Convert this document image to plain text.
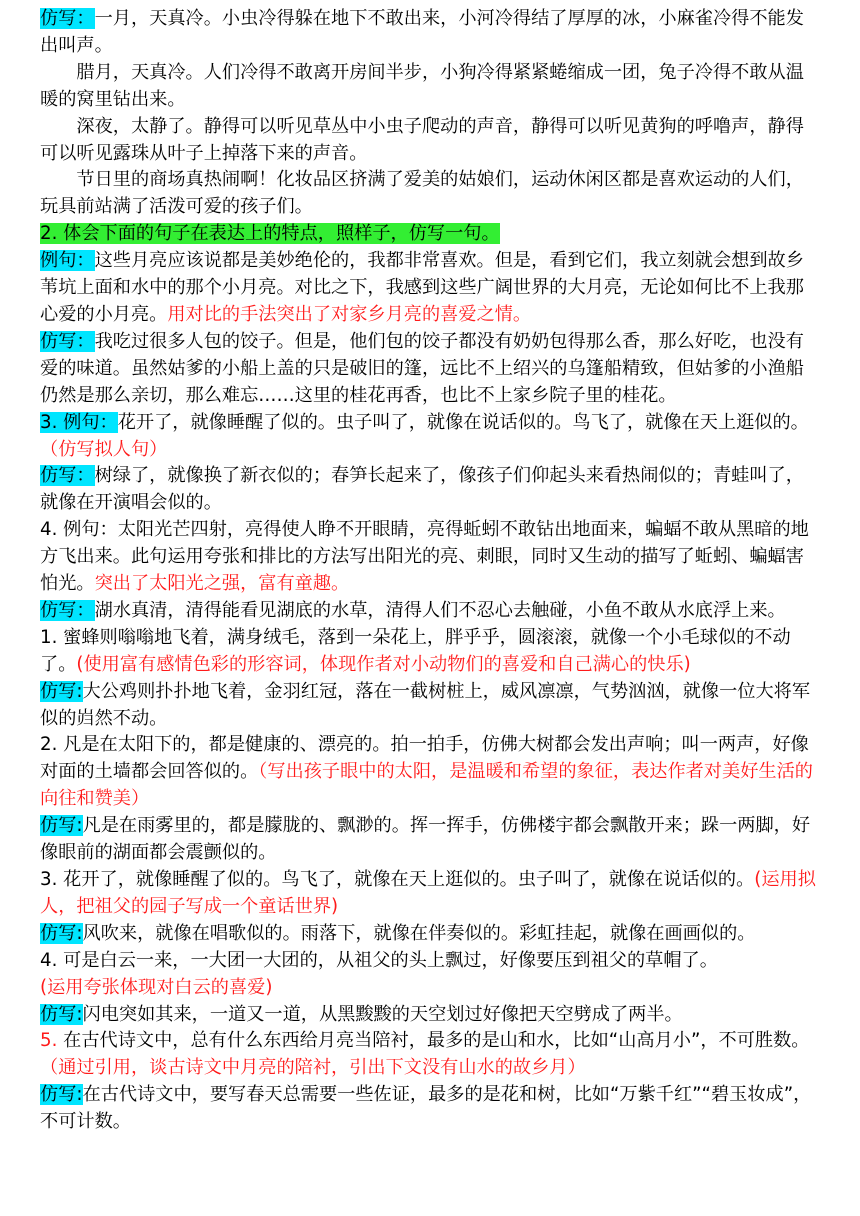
仿写：一月，天真冷。小虫冷得躲在地下不敢出来，小河冷得结了厚厚的冰，小麻雀冷得不能发出叫声。

腊月，天真冷。人们冷得不敢离开房间半步，小狗冷得紧紧蜷缩成一团，兔子冷得不敢从温暖的窝里钻出来。

深夜，太静了。静得可以听见草丛中小虫子爬动的声音，静得可以听见黄狗的呼噜声，静得可以听见露珠从叶子上掉落下来的声音。

节日里的商场真热闹啊！化妆品区挤满了爱美的姑娘们，运动休闲区都是喜欢运动的人们，玩具前站满了活泼可爱的孩子们。

2. 体会下面的句子在表达上的特点，照样子，仿写一句。

例句：这些月亮应该说都是美妙绝伦的，我都非常喜欢。但是，看到它们，我立刻就会想到故乡苇坑上面和水中的那个小月亮。对比之下，我感到这些广阔世界的大月亮，无论如何比不上我那心爱的小月亮。用对比的手法突出了对家乡月亮的喜爱之情。

仿写：我吃过很多人包的饺子。但是，他们包的饺子都没有奶奶包得那么香，那么好吃，也没有爱的味道。虽然姑爹的小船上盖的只是破旧的篷，远比不上绍兴的乌篷船精致，但姑爹的小渔船仍然是那么亲切，那么难忘……这里的桂花再香，也比不上家乡院子里的桂花。

3. 例句：花开了，就像睡醒了似的。虫子叫了，就像在说话似的。鸟飞了，就像在天上逛似的。（仿写拟人句）

仿写：树绿了，就像换了新衣似的；春笋长起来了，像孩子们仰起头来看热闹似的；青蛙叫了，就像在开演唱会似的。

4. 例句：太阳光芒四射，亮得使人睁不开眼睛，亮得蚯蚓不敢钻出地面来，蝙蝠不敢从黑暗的地方飞出来。此句运用夸张和排比的方法写出阳光的亮、刺眼，同时又生动的描写了蚯蚓、蝙蝠害怕光。突出了太阳光之强，富有童趣。

仿写：湖水真清，清得能看见湖底的水草，清得人们不忍心去触碰，小鱼不敢从水底浮上来。

1. 蜜蜂则嗡嗡地飞着，满身绒毛，落到一朵花上，胖乎乎，圆滚滚，就像一个小毛球似的不动了。(使用富有感情色彩的形容词，体现作者对小动物们的喜爱和自己满心的快乐)

仿写:大公鸡则扑扑地飞着，金羽红冠，落在一截树桩上，威风凛凛，气势汹汹，就像一位大将军似的岿然不动。

2. 凡是在太阳下的，都是健康的、漂亮的。拍一拍手，仿佛大树都会发出声响；叫一两声，好像对面的土墙都会回答似的。（写出孩子眼中的太阳，是温暖和希望的象征，表达作者对美好生活的向往和赞美）

仿写:凡是在雨雾里的，都是朦胧的、飘渺的。挥一挥手，仿佛楼宇都会飘散开来；跺一两脚，好像眼前的湖面都会震颤似的。

3. 花开了，就像睡醒了似的。鸟飞了，就像在天上逛似的。虫子叫了，就像在说话似的。(运用拟人，把祖父的园子写成一个童话世界)

仿写:风吹来，就像在唱歌似的。雨落下，就像在伴奏似的。彩虹挂起，就像在画画似的。

4. 可是白云一来，一大团一大团的，从祖父的头上飘过，好像要压到祖父的草帽了。
(运用夸张体现对白云的喜爱)

仿写:闪电突如其来，一道又一道，从黑黢黢的天空划过好像把天空劈成了两半。

5. 在古代诗文中，总有什么东西给月亮当陪衬，最多的是山和水，比如“山高月小”，不可胜数。（通过引用，谈古诗文中月亮的陪衬，引出下文没有山水的故乡月）

仿写:在古代诗文中，要写春天总需要一些佐证，最多的是花和树，比如“万紫千红”“碧玉妆成”，不可计数。
